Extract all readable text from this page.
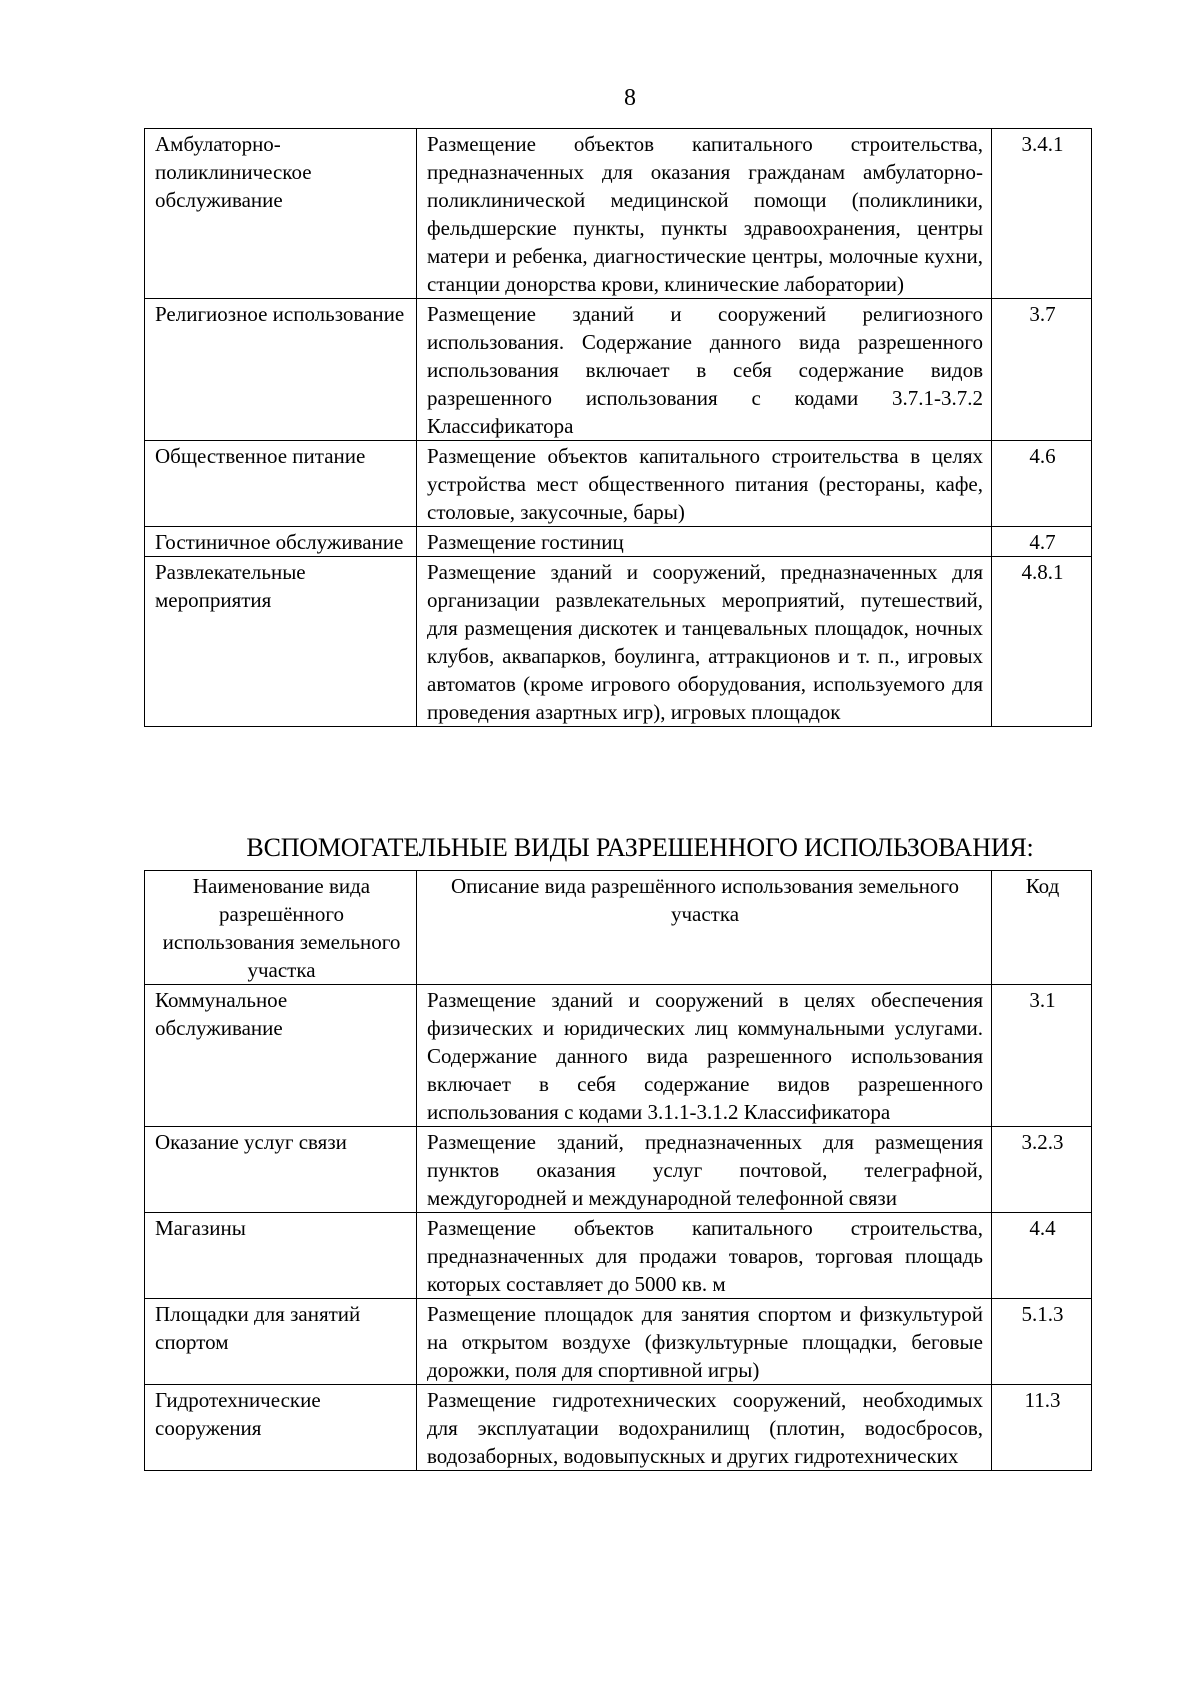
8
Амбулаторно-поликлиническое обслуживание	Размещение объектов капитального строительства, предназначенных для оказания гражданам амбулаторно-поликлинической медицинской помощи (поликлиники, фельдшерские пункты, пункты здравоохранения, центры матери и ребенка, диагностические центры, молочные кухни, станции донорства крови, клинические лаборатории)	3.4.1
Религиозное использование	Размещение зданий и сооружений религиозного использования. Содержание данного вида разрешенного использования включает в себя содержание видов разрешенного использования с кодами 3.7.1-3.7.2 Классификатора	3.7
Общественное питание	Размещение объектов капитального строительства в целях устройства мест общественного питания (рестораны, кафе, столовые, закусочные, бары)	4.6
Гостиничное обслуживание	Размещение гостиниц	4.7
Развлекательные мероприятия	Размещение зданий и сооружений, предназначенных для организации развлекательных мероприятий, путешествий, для размещения дискотек и танцевальных площадок, ночных клубов, аквапарков, боулинга, аттракционов и т. п., игровых автоматов (кроме игрового оборудования, используемого для проведения азартных игр), игровых площадок	4.8.1
ВСПОМОГАТЕЛЬНЫЕ ВИДЫ РАЗРЕШЕННОГО ИСПОЛЬЗОВАНИЯ:
Наименование вида разрешённого использования земельного участка	Описание вида разрешённого использования земельного участка	Код
Коммунальное обслуживание	Размещение зданий и сооружений в целях обеспечения физических и юридических лиц коммунальными услугами. Содержание данного вида разрешенного использования включает в себя содержание видов разрешенного использования с кодами 3.1.1-3.1.2 Классификатора	3.1
Оказание услуг связи	Размещение зданий, предназначенных для размещения пунктов оказания услуг почтовой, телеграфной, междугородней и международной телефонной связи	3.2.3
Магазины	Размещение объектов капитального строительства, предназначенных для продажи товаров, торговая площадь которых составляет до 5000 кв. м	4.4
Площадки для занятий спортом	Размещение площадок для занятия спортом и физкультурой на открытом воздухе (физкультурные площадки, беговые дорожки, поля для спортивной игры)	5.1.3
Гидротехнические сооружения	Размещение гидротехнических сооружений, необходимых для эксплуатации водохранилищ (плотин, водосбросов, водозаборных, водовыпускных и других гидротехнических	11.3
